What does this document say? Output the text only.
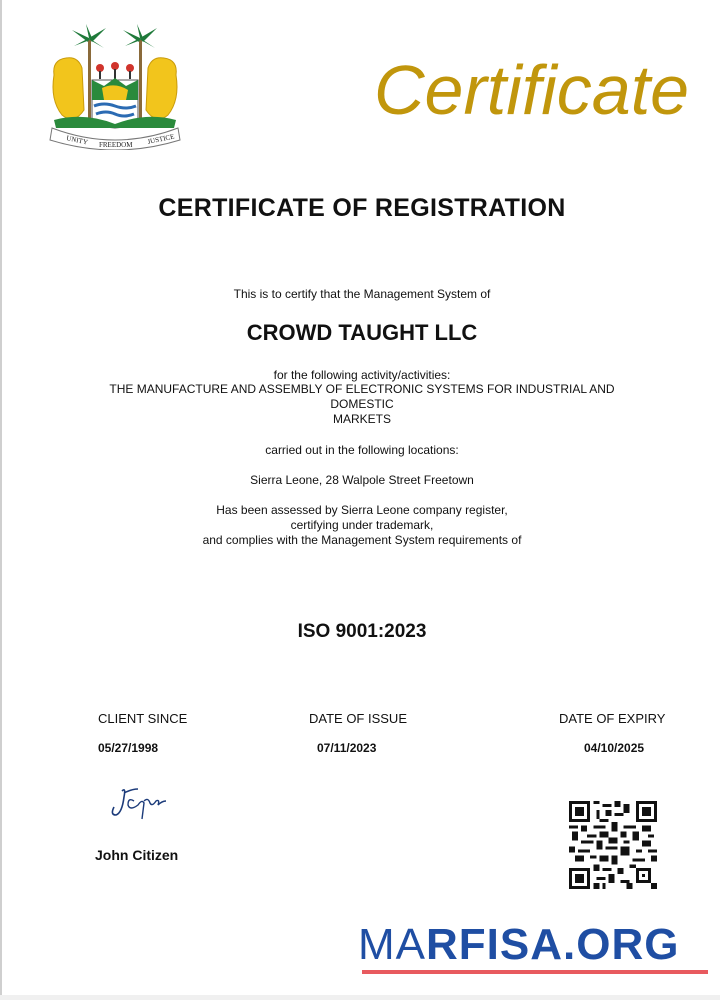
UNITY FREEDOM JUSTICE
Certificate
CERTIFICATE OF REGISTRATION
This is to certify that the Management System of
CROWD TAUGHT LLC
for the following activity/activities:
THE MANUFACTURE AND ASSEMBLY OF ELECTRONIC SYSTEMS FOR INDUSTRIAL AND
DOMESTIC
MARKETS
carried out in the following locations:
Sierra Leone, 28 Walpole Street Freetown
Has been assessed by Sierra Leone company register,
certifying under trademark,
and complies with the Management System requirements of
ISO 9001:2023
CLIENT SINCE
05/27/1998
DATE OF ISSUE
07/11/2023
DATE OF EXPIRY
04/10/2025
John Citizen
MARFISA.ORG
